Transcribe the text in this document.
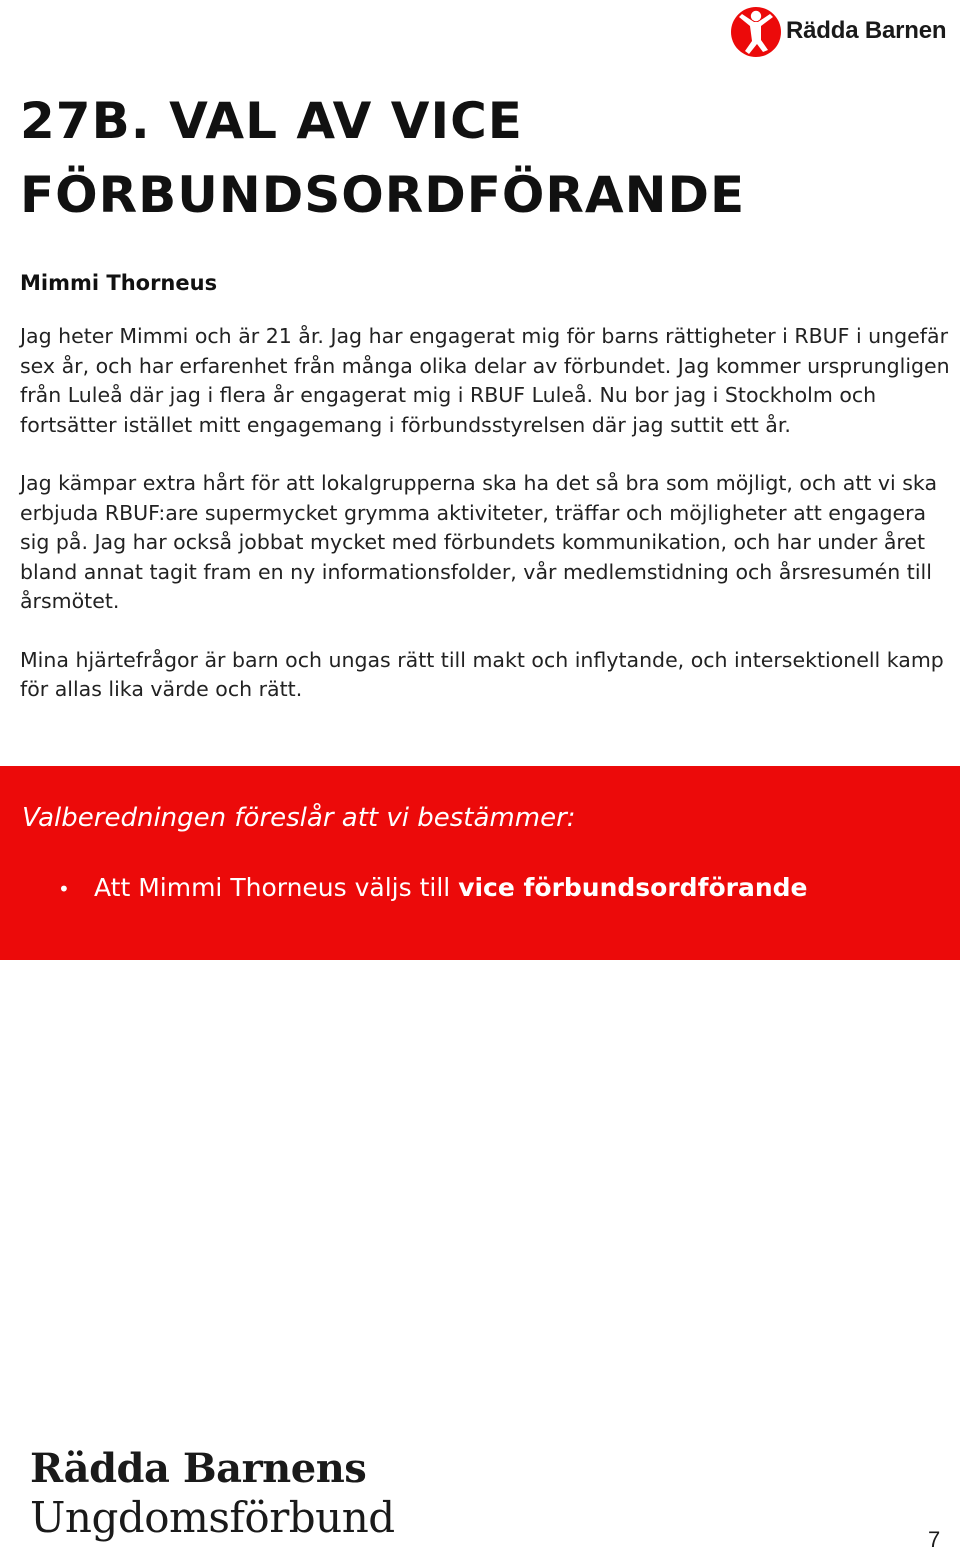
Rädda Barnen
27B. VAL AV VICE
FÖRBUNDSORDFÖRANDE
Mimmi Thorneus

Jag heter Mimmi och är 21 år. Jag har engagerat mig för barns rättigheter i RBUF i ungefär sex år, och har erfarenhet från många olika delar av förbundet. Jag kommer ursprungligen från Luleå där jag i flera år engagerat mig i RBUF Luleå. Nu bor jag i Stockholm och fortsätter istället mitt engagemang i förbundsstyrelsen där jag suttit ett år.

Jag kämpar extra hårt för att lokalgrupperna ska ha det så bra som möjligt, och att vi ska erbjuda RBUF:are supermycket grymma aktiviteter, träffar och möjligheter att engagera sig på. Jag har också jobbat mycket med förbundets kommunikation, och har under året bland annat tagit fram en ny informationsfolder, vår medlemstidning och årsresumén till årsmötet.

Mina hjärtefrågor är barn och ungas rätt till makt och inflytande, och intersektionell kamp för allas lika värde och rätt.

Valberedningen föreslår att vi bestämmer:

• Att Mimmi Thorneus väljs till vice förbundsordförande
Rädda Barnens
Ungdomsförbund	7
